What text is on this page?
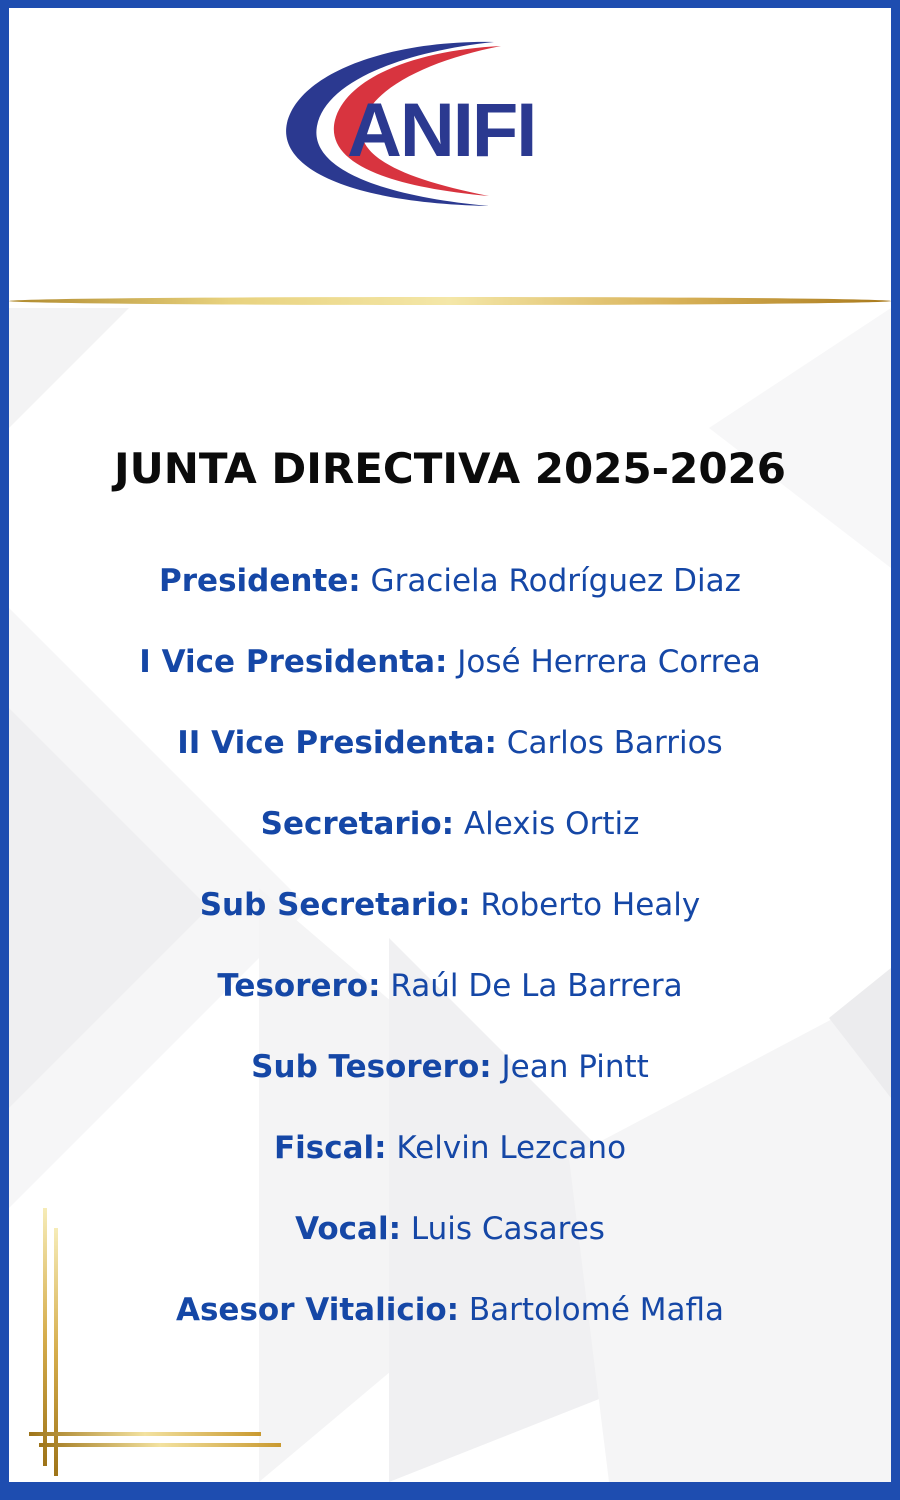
ANIFI
JUNTA DIRECTIVA 2025-2026
Presidente: Graciela Rodríguez Diaz
I Vice Presidenta: José Herrera Correa
II Vice Presidenta: Carlos Barrios
Secretario: Alexis Ortiz
Sub Secretario: Roberto Healy
Tesorero: Raúl De La Barrera
Sub Tesorero: Jean Pintt
Fiscal: Kelvin Lezcano
Vocal: Luis Casares
Asesor Vitalicio: Bartolomé Mafla
